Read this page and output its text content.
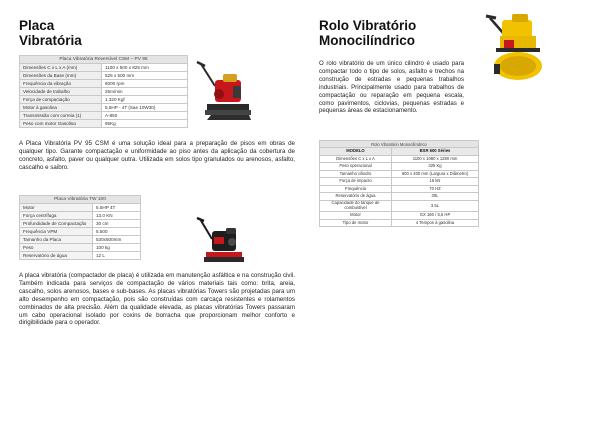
Placa
Vibratória
Placa Vibratória Reversível CSM – PV 95
Dimensões C x L x A (mm)	1100 x 500 x 825 mm
Dimensões da Base (mm)	525 x 500 mm
Frequência da vibração	6000 rpm
Velocidade de trabalho	25m/min
Força de compactação	1.320 Kgf
Motor à gasolina	5,5HP - 4T (Sae 10W30)
Transmissão com correia (1)	A-850
Peso com motor Gasolina	95Kg
A Placa Vibratória PV 95 CSM é uma solução ideal para a preparação de pisos em obras de qualquer tipo. Garante compactação e uniformidade ao piso antes da aplicação da cobertura de concreto, asfalto, paver ou qualquer outra. Utilizada em solos tipo granulados ou arenosos, asfalto, cascalho e saibro.
Placa Vibratória TW 100
Motor	5.5HP 4T
Força centrífuga	13.0 KN
Profundidade de Compactação	30 cm
Frequência VPM	5.500
Tamanho da Placa	530x500mm
Peso	100 kg
Reservatório de água	12 L
A placa vibratória (compactador de placa) é utilizada em manutenção asfáltica e na construção civil. Também indicada para serviços de compactação de vários materiais tais como: brita, areia, cascalho, solos arenosos, bases e sub-bases. As placas vibratórias Towers são projetadas para um alto desempenho em compactação, pois são construídas com carcaça resistentes e rolamentos combinados de alta precisão. Além da qualidade elevada, as placas vibratórias Towers passaram um cabo operacional isolado por coxins de borracha que proporcionam melhor conforto e dirigibilidade para o operador.
Rolo Vibratório
Monocilíndrico
O rolo vibratório de um único cilindro é usado para compactar todo o tipo de solos, asfalto e trechos na construção de estradas e pequenas trabalhos industriais. Principalmente usado para trabalhos de compactação ou reparação em pequena escala, como pavimentos, ciclovias, pequenas estradas e pequenas áreas de estacionamento.
Rolo Vibratório Monocilíndrico
MODELO	BSR 600 Séries
Dimensões C x L x A	1100 x 1080 x 1280 mm
Peso operacional	325 Kg
Tamanho cilindro	600 x 400 mm (Largura x Diâmetro)
Força de impacto	15 kN
Frequência	70 HZ
Reservatório de água	30L
Capacidade do tanque de combustível	3.5L
Motor	GX 160 / 5,5 HP
Tipo de motor	4 Tempos à gasolina
